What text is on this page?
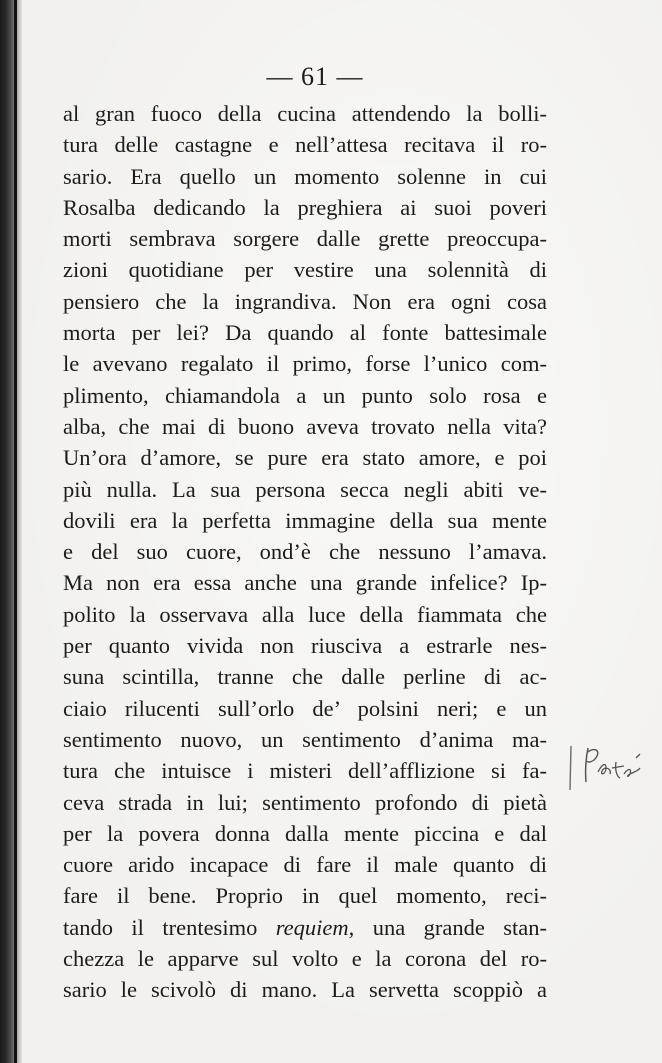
— 61 —
al gran fuoco della cucina attendendo la bolli-
tura delle castagne e nell’attesa recitava il ro-
sario. Era quello un momento solenne in cui
Rosalba dedicando la preghiera ai suoi poveri
morti sembrava sorgere dalle grette preoccupa-
zioni quotidiane per vestire una solennità di
pensiero che la ingrandiva. Non era ogni cosa
morta per lei? Da quando al fonte battesimale
le avevano regalato il primo, forse l’unico com-
plimento, chiamandola a un punto solo rosa e
alba, che mai di buono aveva trovato nella vita?
Un’ora d’amore, se pure era stato amore, e poi
più nulla. La sua persona secca negli abiti ve-
dovili era la perfetta immagine della sua mente
e del suo cuore, ond’è che nessuno l’amava.
Ma non era essa anche una grande infelice? Ip-
polito la osservava alla luce della fiammata che
per quanto vivida non riusciva a estrarle nes-
suna scintilla, tranne che dalle perline di ac-
ciaio rilucenti sull’orlo de’ polsini neri; e un
sentimento nuovo, un sentimento d’anima ma-
tura che intuisce i misteri dell’afflizione si fa-
ceva strada in lui; sentimento profondo di pietà
per la povera donna dalla mente piccina e dal
cuore arido incapace di fare il male quanto di
fare il bene. Proprio in quel momento, reci-
tando il trentesimo requiem, una grande stan-
chezza le apparve sul volto e la corona del ro-
sario le scivolò di mano. La servetta scoppiò a
